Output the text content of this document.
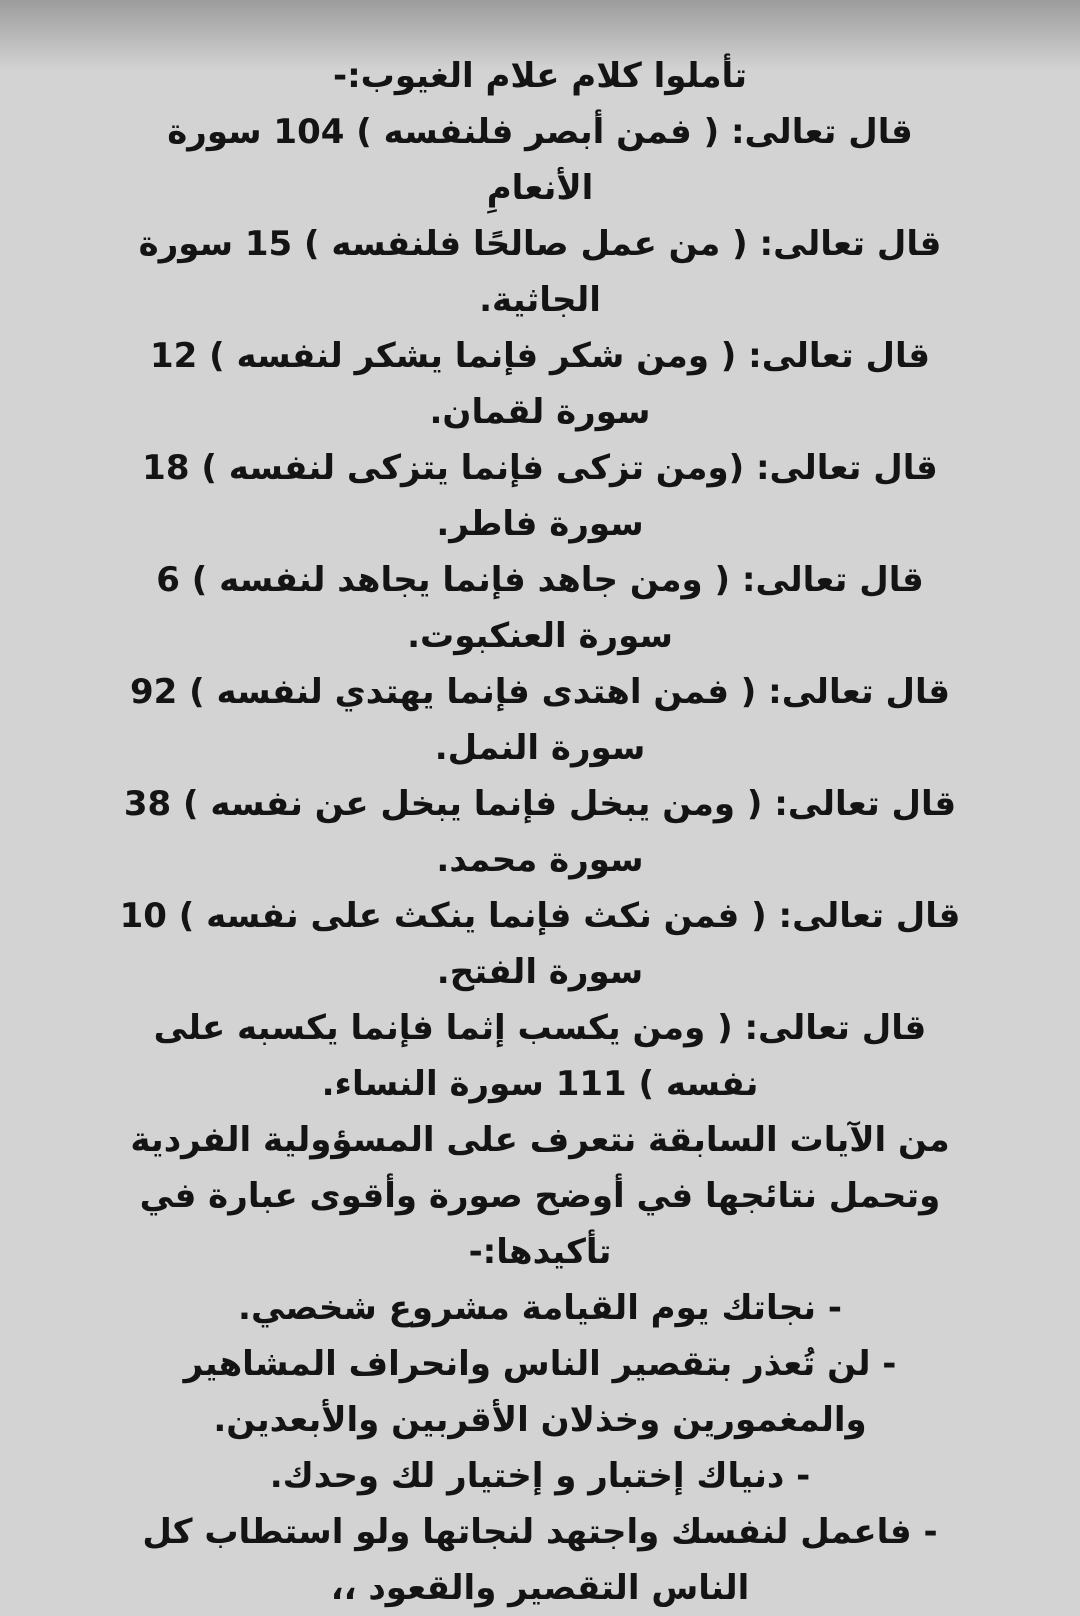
تأملوا كلام علام الغيوب:-

قال تعالى: ( فمن أبصر فلنفسه ) 104 سورة الأنعامِ

قال تعالى: ( من عمل صالحًا فلنفسه ) 15 سورة الجاثية.

قال تعالى: ( ومن شكر فإنما يشكر لنفسه ) 12 سورة لقمان.

قال تعالى: (ومن تزكى فإنما يتزكى لنفسه ) 18 سورة فاطر.

قال تعالى: ( ومن جاهد فإنما يجاهد لنفسه ) 6 سورة العنكبوت.

قال تعالى: ( فمن اهتدى فإنما يهتدي لنفسه ) 92 سورة النمل.

قال تعالى: ( ومن يبخل فإنما يبخل عن نفسه ) 38 سورة محمد.

قال تعالى: ( فمن نكث فإنما ينكث على نفسه ) 10 سورة الفتح.

قال تعالى: ( ومن يكسب إثما فإنما يكسبه على نفسه ) 111 سورة النساء.

من الآيات السابقة نتعرف على المسؤولية الفردية وتحمل نتائجها في أوضح صورة وأقوى عبارة في تأكيدها:-

- نجاتك يوم القيامة مشروع شخصي.

- لن تُعذر بتقصير الناس وانحراف المشاهير والمغمورين وخذلان الأقربين والأبعدين.

- دنياك إختبار و إختيار لك وحدك.

- فاعمل لنفسك واجتهد لنجاتها ولو استطاب كل الناس التقصير والقعود ،،
